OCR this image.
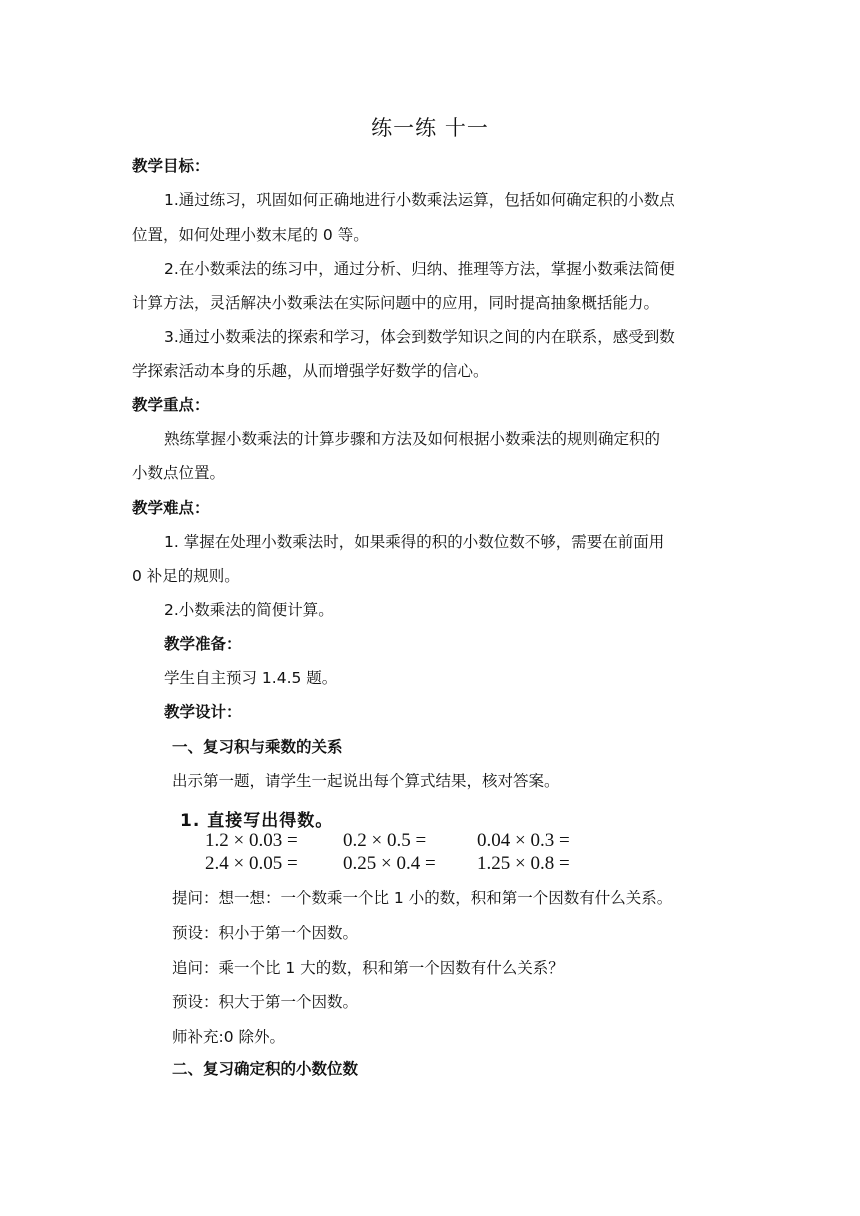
练一练 十一
教学目标：
1.通过练习，巩固如何正确地进行小数乘法运算，包括如何确定积的小数点
位置，如何处理小数末尾的 0 等。
2.在小数乘法的练习中，通过分析、归纳、推理等方法，掌握小数乘法简便
计算方法，灵活解决小数乘法在实际问题中的应用，同时提高抽象概括能力。
3.通过小数乘法的探索和学习，体会到数学知识之间的内在联系，感受到数
学探索活动本身的乐趣，从而增强学好数学的信心。
教学重点：
熟练掌握小数乘法的计算步骤和方法及如何根据小数乘法的规则确定积的
小数点位置。
教学难点：
1. 掌握在处理小数乘法时，如果乘得的积的小数位数不够，需要在前面用
0 补足的规则。
2.小数乘法的简便计算。
教学准备：
学生自主预习 1.4.5 题。
教学设计：
一、复习积与乘数的关系
出示第一题，请学生一起说出每个算式结果，核对答案。
1. 直接写出得数。
1.2 × 0.03 = 0.2 × 0.5 =	0.04 × 0.3 =
2.4 × 0.05 = 0.25 × 0.4 = 1.25 × 0.8 =
提问：想一想：一个数乘一个比 1 小的数，积和第一个因数有什么关系。
预设：积小于第一个因数。
追问：乘一个比 1 大的数，积和第一个因数有什么关系？
预设：积大于第一个因数。
师补充:0 除外。
二、复习确定积的小数位数
